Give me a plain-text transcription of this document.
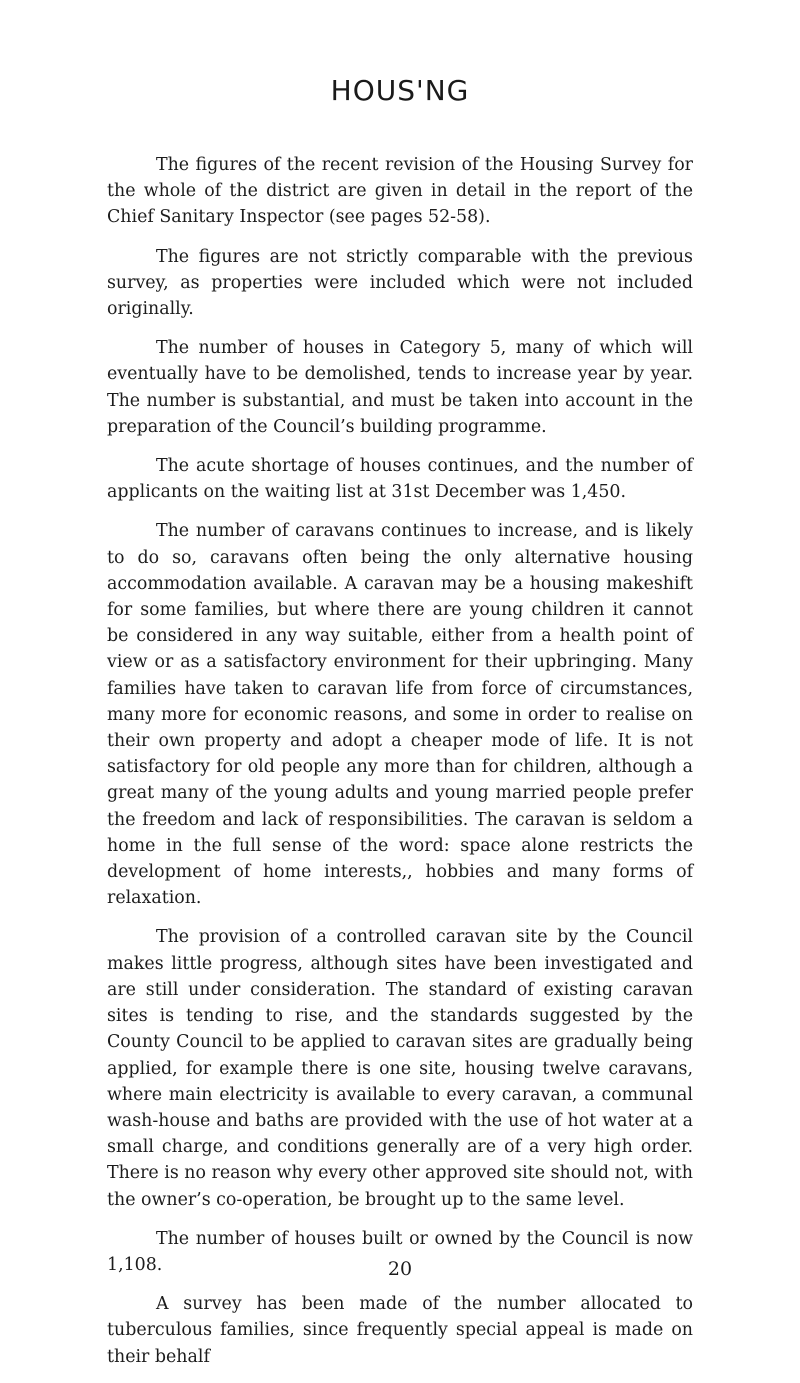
HOUS'NG

The figures of the recent revision of the Housing Survey for the whole of the district are given in detail in the report of the Chief Sanitary Inspector (see pages 52-58).

The figures are not strictly comparable with the previous survey, as properties were included which were not included originally.

The number of houses in Category 5, many of which will eventually have to be demolished, tends to increase year by year. The number is substantial, and must be taken into account in the preparation of the Council’s building programme.

The acute shortage of houses continues, and the number of applicants on the waiting list at 31st December was 1,450.

The number of caravans continues to increase, and is likely to do so, caravans often being the only alternative housing accommodation available. A caravan may be a housing makeshift for some families, but where there are young children it cannot be considered in any way suitable, either from a health point of view or as a satisfactory environment for their upbringing. Many families have taken to caravan life from force of circumstances, many more for economic reasons, and some in order to realise on their own property and adopt a cheaper mode of life. It is not satisfactory for old people any more than for children, although a great many of the young adults and young married people prefer the freedom and lack of responsibilities. The caravan is seldom a home in the full sense of the word: space alone restricts the development of home interests,, hobbies and many forms of relaxation.

The provision of a controlled caravan site by the Council makes little progress, although sites have been investigated and are still under consideration. The standard of existing caravan sites is tending to rise, and the standards suggested by the County Council to be applied to caravan sites are gradually being applied, for example there is one site, housing twelve caravans, where main electricity is available to every caravan, a communal wash-house and baths are provided with the use of hot water at a small charge, and conditions generally are of a very high order. There is no reason why every other approved site should not, with the owner’s co-operation, be brought up to the same level.

The number of houses built or owned by the Council is now 1,108.

A survey has been made of the number allocated to tuberculous families, since frequently special appeal is made on their behalf

20
